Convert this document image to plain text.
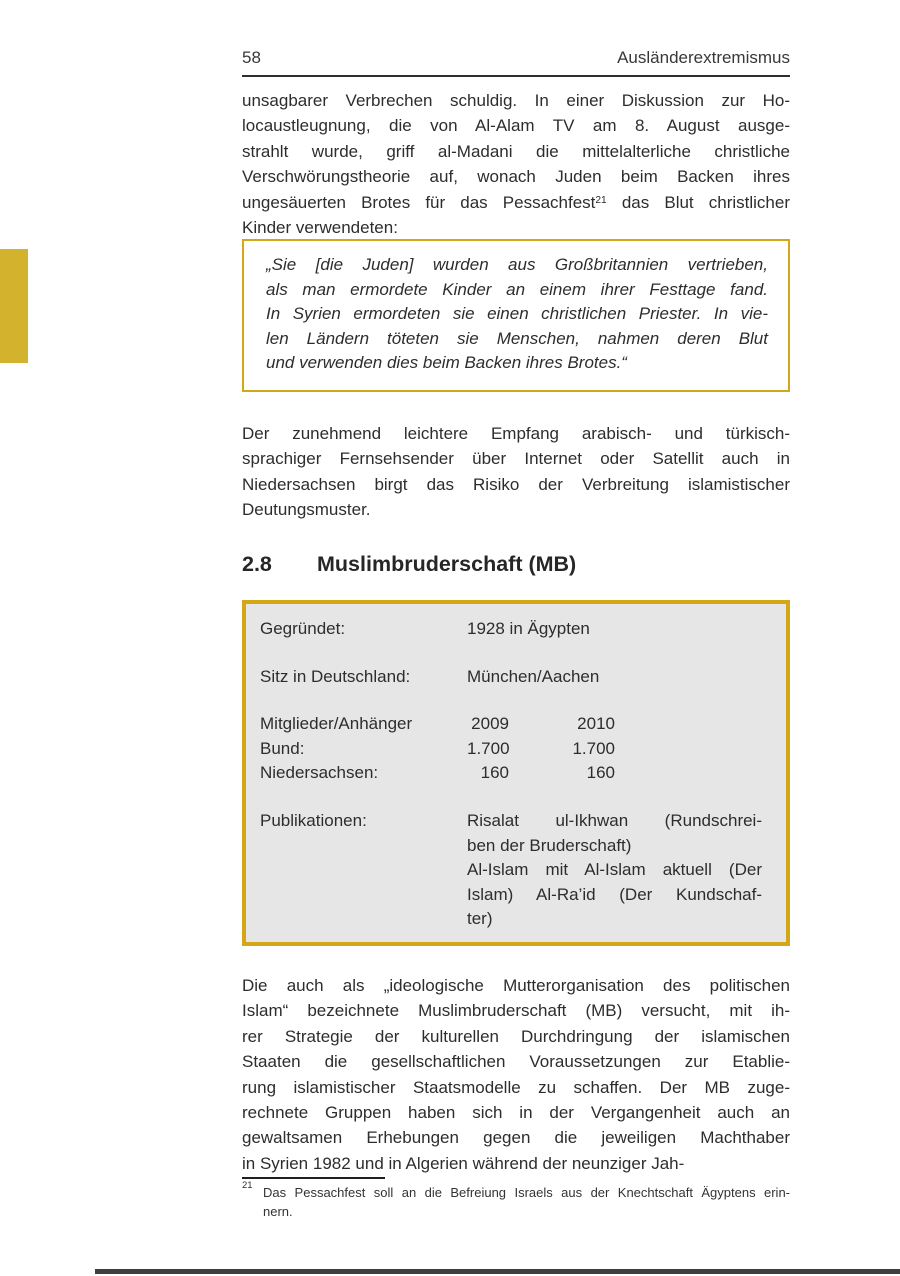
58	Ausländerextremismus
unsagbarer Verbrechen schuldig. In einer Diskussion zur Ho-
locaustleugnung, die von Al-Alam TV am 8. August ausge-
strahlt wurde, griff al-Madani die mittelalterliche christliche
Verschwörungstheorie auf, wonach Juden beim Backen ihres
ungesäuerten Brotes für das Pessachfest$^{21}$ das Blut christlicher
Kinder verwendeten:
„Sie [die Juden] wurden aus Großbritannien vertrieben,
als man ermordete Kinder an einem ihrer Festtage fand.
In Syrien ermordeten sie einen christlichen Priester. In vie-
len Ländern töteten sie Menschen, nahmen deren Blut
und verwenden dies beim Backen ihres Brotes.“
Der zunehmend leichtere Empfang arabisch- und türkisch-
sprachiger Fernsehsender über Internet oder Satellit auch in
Niedersachsen birgt das Risiko der Verbreitung islamistischer
Deutungsmuster.
2.8 Muslimbruderschaft (MB)
Gegründet:	1928 in Ägypten
Sitz in Deutschland:	München/Aachen
Mitglieder/Anhänger	2009	2010
Bund:	1.700	1.700
Niedersachsen:	160	160
Publikationen:	Risalat ul-Ikhwan (Rundschrei-
ben der Bruderschaft)
Al-Islam mit Al-Islam aktuell (Der
Islam) Al-Ra’id (Der Kundschaf-
ter)
Die auch als „ideologische Mutterorganisation des politischen
Islam“ bezeichnete Muslimbruderschaft (MB) versucht, mit ih-
rer Strategie der kulturellen Durchdringung der islamischen
Staaten die gesellschaftlichen Voraussetzungen zur Etablie-
rung islamistischer Staatsmodelle zu schaffen. Der MB zuge-
rechnete Gruppen haben sich in der Vergangenheit auch an
gewaltsamen Erhebungen gegen die jeweiligen Machthaber
in Syrien 1982 und in Algerien während der neunziger Jah-
21 Das Pessachfest soll an die Befreiung Israels aus der Knechtschaft Ägyptens erin-
nern.
